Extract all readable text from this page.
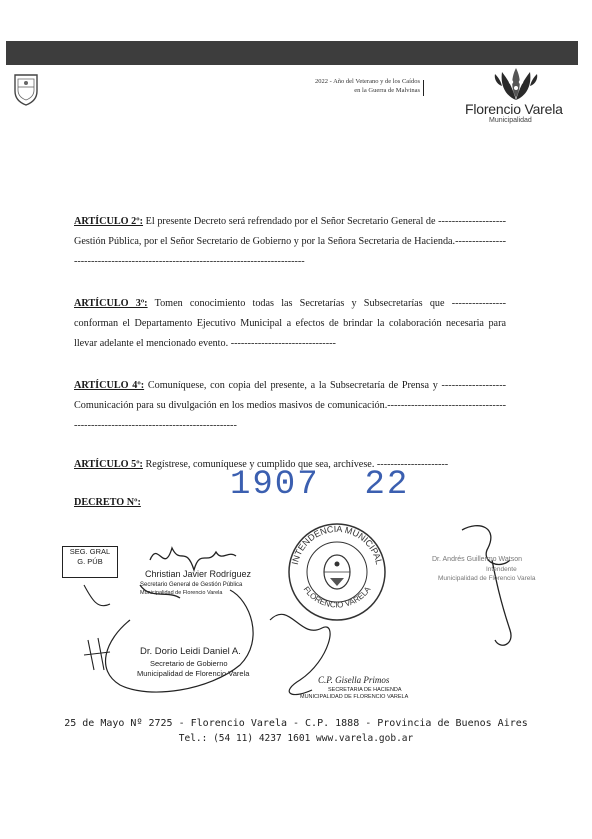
2022 - Año del Veterano y de los Caídos
en la Guerra de Malvinas
Florencio Varela
Municipalidad
ARTÍCULO 2º: El presente Decreto será refrendado por el Señor Secretario General de -------------------- Gestión Pública, por el Señor Secretario de Gobierno y por la Señora Secretaria de Hacienda.-----------------------------------------------------------------------------------
ARTÍCULO 3º: Tomen conocimiento todas las Secretarías y Subsecretarías que ---------------- conforman el Departamento Ejecutivo Municipal a efectos de brindar la colaboración necesaria para llevar adelante el mencionado evento. -------------------------------
ARTÍCULO 4º: Comuníquese, con copia del presente, a la Subsecretaría de Prensa y -------------------Comunicación para su divulgación en los medios masivos de comunicación.-----------------------------------------------------------------------------------
ARTÍCULO 5º: Regístrese, comuníquese y cumplido que sea, archívese. ---------------------
DECRETO Nº:	1907 22
SEG. GRAL
G. PÚB	INTENDENCIA MUNICIPAL
FLORENCIO VARELA
Christian Javier Rodríguez
Secretario General de Gestión Pública
Municipalidad de Florencio Varela
Dr. Dorio Leidi Daniel A.
Secretario de Gobierno
Municipalidad de Florencio Varela
C.P. Gisella Primos
SECRETARIA DE HACIENDA
MUNICIPALIDAD DE FLORENCIO VARELA
Dr. Andrés Guillermo Watson
Intendente
Municipalidad de Florencio Varela
25 de Mayo Nº 2725 - Florencio Varela - C.P. 1888 - Provincia de Buenos Aires
Tel.: (54 11) 4237 1601 www.varela.gob.ar
